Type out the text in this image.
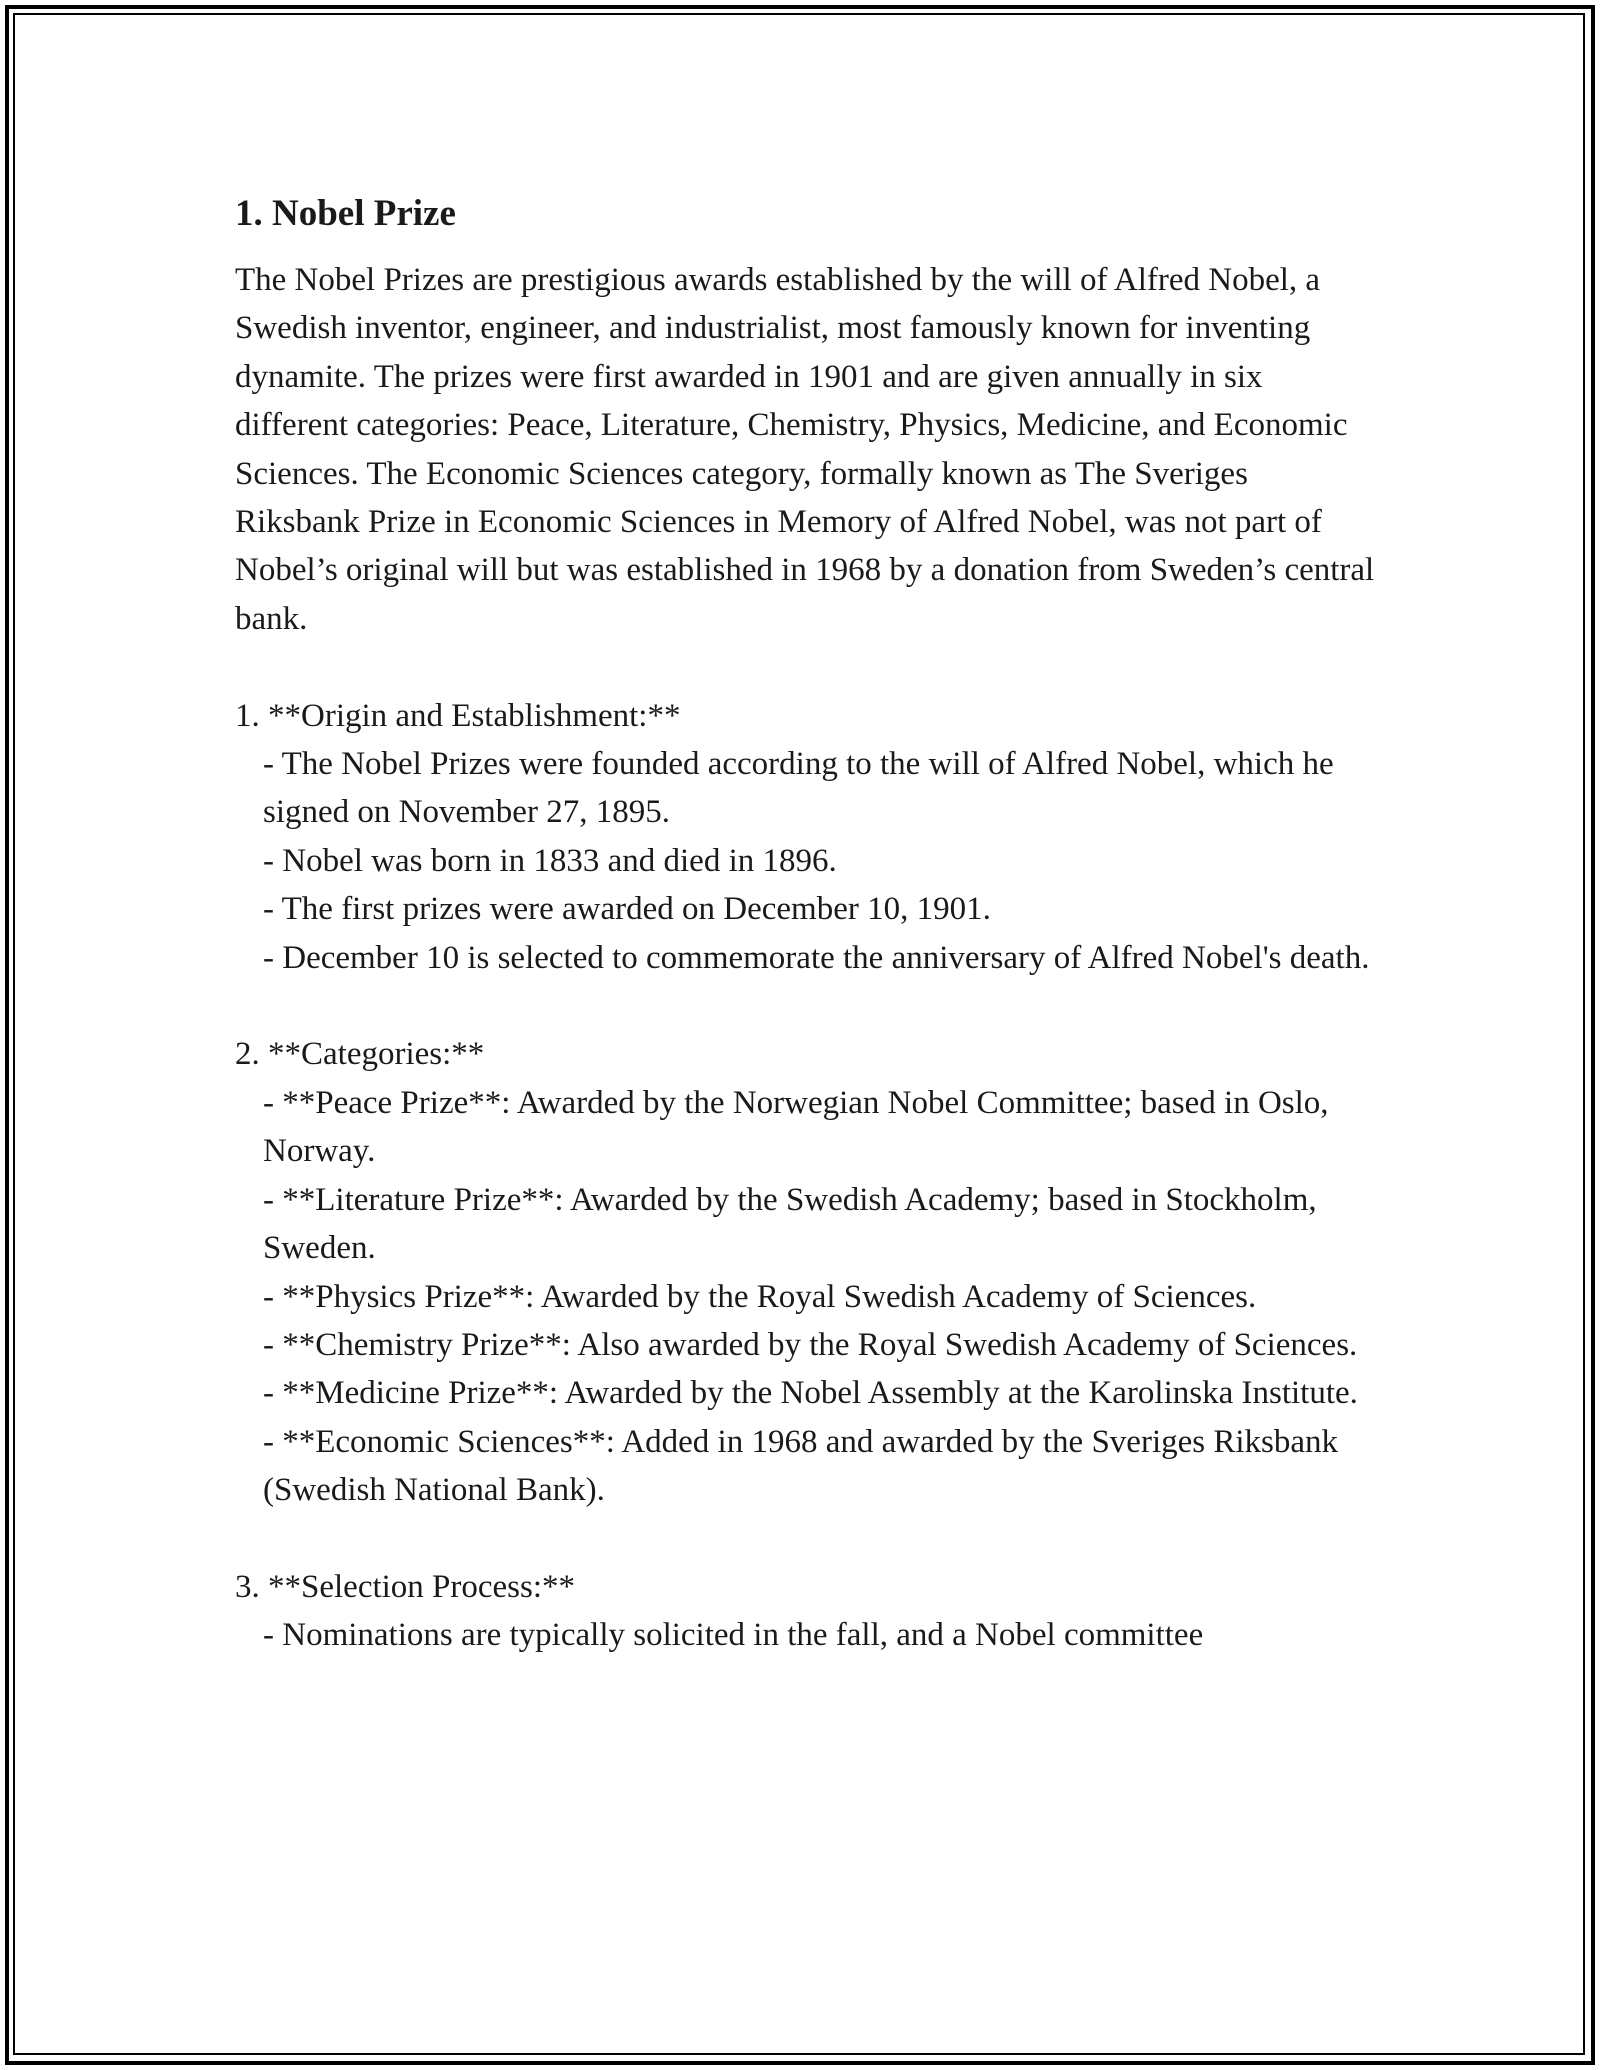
1. Nobel Prize

The Nobel Prizes are prestigious awards established by the will of Alfred Nobel, a Swedish inventor, engineer, and industrialist, most famously known for inventing dynamite. The prizes were first awarded in 1901 and are given annually in six different categories: Peace, Literature, Chemistry, Physics, Medicine, and Economic Sciences. The Economic Sciences category, formally known as The Sveriges Riksbank Prize in Economic Sciences in Memory of Alfred Nobel, was not part of Nobel’s original will but was established in 1968 by a donation from Sweden’s central bank.

1. **Origin and Establishment:**

- The Nobel Prizes were founded according to the will of Alfred Nobel, which he signed on November 27, 1895.

- Nobel was born in 1833 and died in 1896.

- The first prizes were awarded on December 10, 1901.

- December 10 is selected to commemorate the anniversary of Alfred Nobel's death.

2. **Categories:**

- **Peace Prize**: Awarded by the Norwegian Nobel Committee; based in Oslo, Norway.

- **Literature Prize**: Awarded by the Swedish Academy; based in Stockholm, Sweden.

- **Physics Prize**: Awarded by the Royal Swedish Academy of Sciences.

- **Chemistry Prize**: Also awarded by the Royal Swedish Academy of Sciences.

- **Medicine Prize**: Awarded by the Nobel Assembly at the Karolinska Institute.

- **Economic Sciences**: Added in 1968 and awarded by the Sveriges Riksbank (Swedish National Bank).

3. **Selection Process:**

- Nominations are typically solicited in the fall, and a Nobel committee
